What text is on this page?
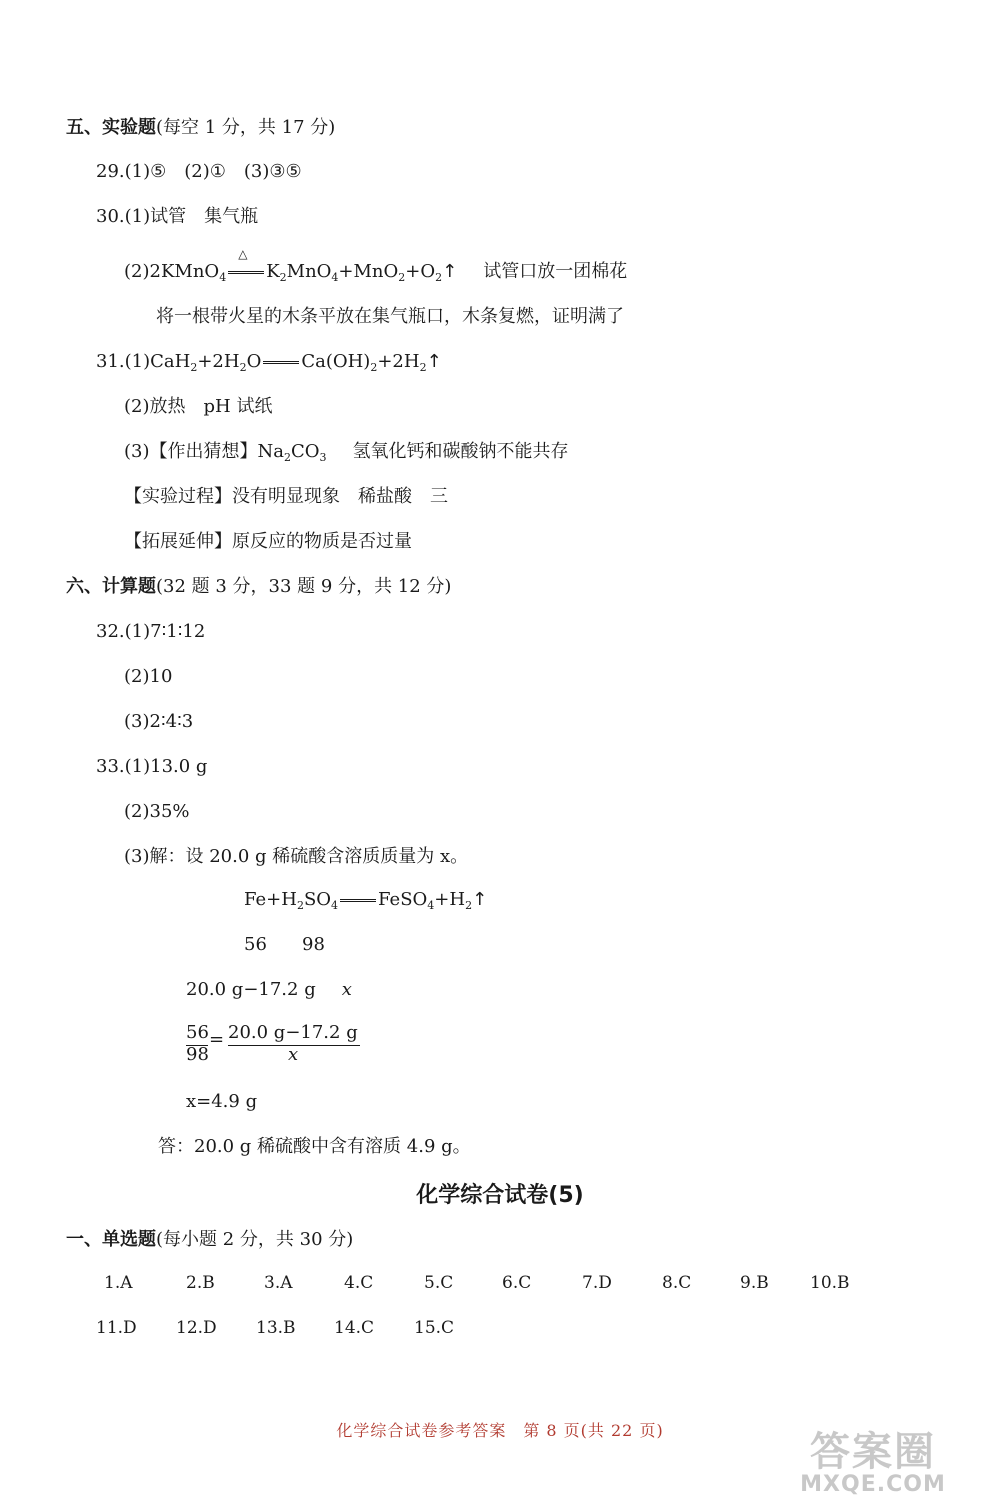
五、实验题(每空 1 分，共 17 分)
29.(1)⑤　(2)①　(3)③⑤
30.(1)试管　集气瓶
(2)2KMnO$_4$
△
$K_2MnO_4+MnO_2+O_2↑$ 试管口放一团棉花
将一根带火星的木条平放在集气瓶口，木条复燃，证明满了
$31.(1)CaH_2+2H_2O$ $Ca(OH)_2+2H_2↑$
(2)放热　pH 试纸
(3)【作出猜想】$Na_2CO_3$ 氢氧化钙和碳酸钠不能共存
【实验过程】没有明显现象　稀盐酸　三
【拓展延伸】原反应的物质是否过量
六、计算题(32 题 3 分，33 题 9 分，共 12 分)
32.(1)7∶1∶12
(2)10
(3)2∶4∶3
33.(1)13.0 g
(2)35%
(3)解：设 20.0 g 稀硫酸含溶质质量为 x。
$Fe+H_2SO_4$ $FeSO_4+H_2↑$
56 98
20.0 g−17.2 g x
56
98
= 20.0 g−17.2 g
x
x=4.9 g
答：20.0 g 稀硫酸中含有溶质 4.9 g。
化学综合试卷(5)
一、单选题(每小题 2 分，共 30 分)
1.A	2.B	3.A	4.C	5.C	6.C	7.D	8.C	9.B 10.B
11.D 12.D 13.B 14.C 15.C
化学综合试卷参考答案　第 8 页(共 22 页)	答案圈
MXQE.COM
